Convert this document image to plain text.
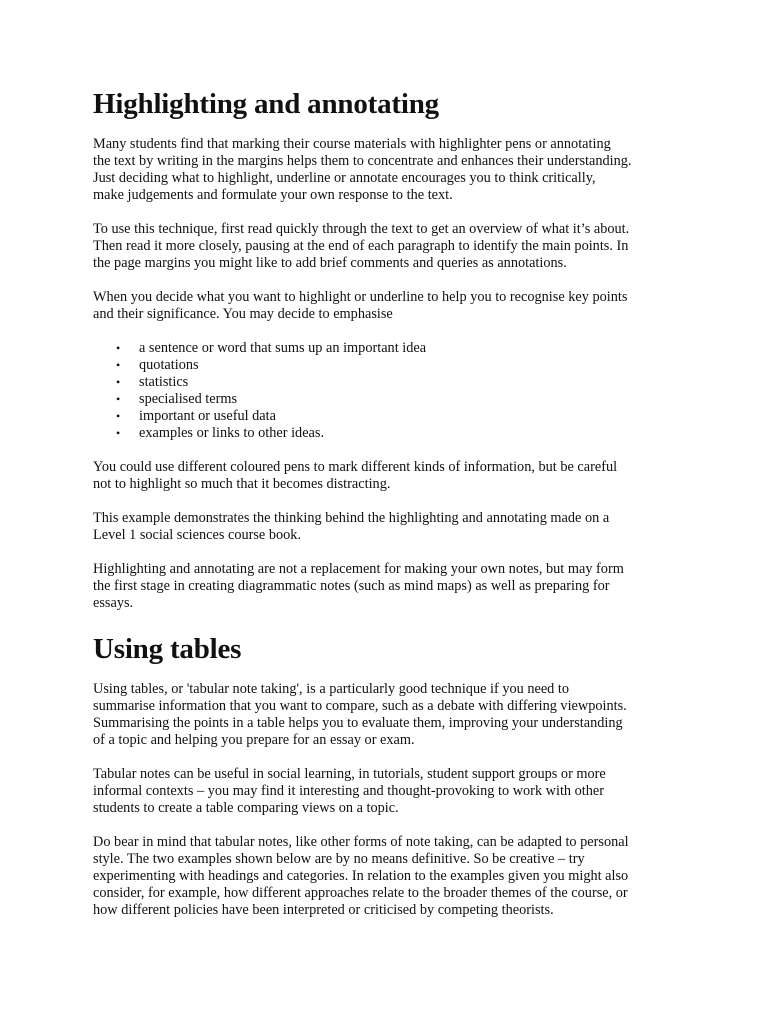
Highlighting and annotating

Many students find that marking their course materials with highlighter pens or annotating
the text by writing in the margins helps them to concentrate and enhances their understanding.
Just deciding what to highlight, underline or annotate encourages you to think critically,
make judgements and formulate your own response to the text.

To use this technique, first read quickly through the text to get an overview of what it’s about.
Then read it more closely, pausing at the end of each paragraph to identify the main points. In
the page margins you might like to add brief comments and queries as annotations.

When you decide what you want to highlight or underline to help you to recognise key points
and their significance. You may decide to emphasise

• a sentence or word that sums up an important idea
• quotations
• statistics
• specialised terms
• important or useful data
• examples or links to other ideas.

You could use different coloured pens to mark different kinds of information, but be careful
not to highlight so much that it becomes distracting.

This example demonstrates the thinking behind the highlighting and annotating made on a
Level 1 social sciences course book.

Highlighting and annotating are not a replacement for making your own notes, but may form
the first stage in creating diagrammatic notes (such as mind maps) as well as preparing for
essays.

Using tables

Using tables, or 'tabular note taking', is a particularly good technique if you need to
summarise information that you want to compare, such as a debate with differing viewpoints.
Summarising the points in a table helps you to evaluate them, improving your understanding
of a topic and helping you prepare for an essay or exam.

Tabular notes can be useful in social learning, in tutorials, student support groups or more
informal contexts – you may find it interesting and thought-provoking to work with other
students to create a table comparing views on a topic.

Do bear in mind that tabular notes, like other forms of note taking, can be adapted to personal
style. The two examples shown below are by no means definitive. So be creative – try
experimenting with headings and categories. In relation to the examples given you might also
consider, for example, how different approaches relate to the broader themes of the course, or
how different policies have been interpreted or criticised by competing theorists.
